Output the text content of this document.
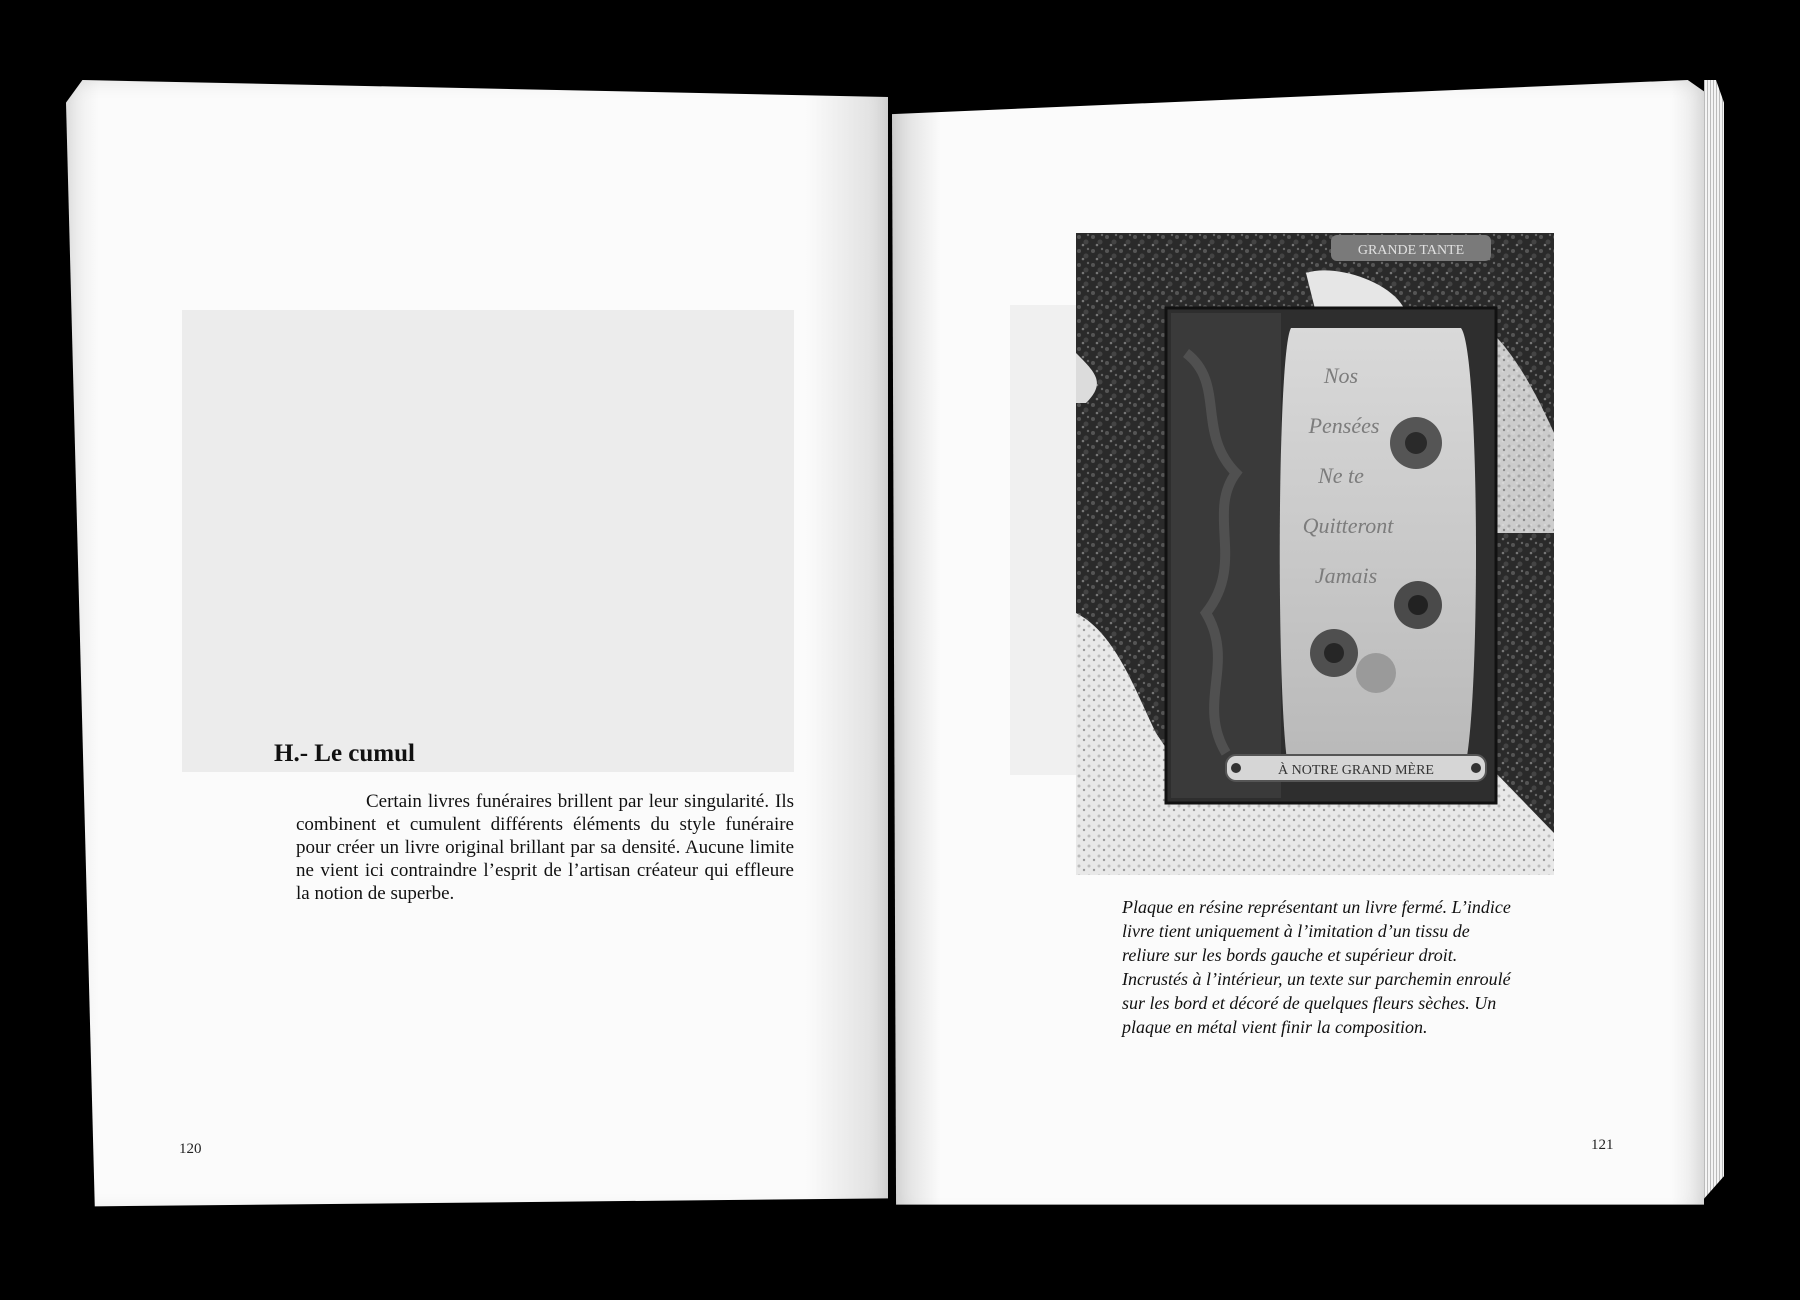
H.- Le cumul

Certain livres funéraires brillent par leur singularité. Ils combinent et cumulent différents éléments du style funéraire pour créer un livre original brillant par sa densité. Aucune limite ne vient ici contraindre l’esprit de l’artisan créateur qui effleure la notion de superbe.

120
GRANDE TANTE
Nos
Pensées
Ne te
Quitteront
Jamais
À NOTRE GRAND MÈRE

Plaque en résine représentant un livre fermé. L’indice livre tient uniquement à l’imitation d’un tissu de reliure sur les bords gauche et supérieur droit. Incrustés à l’intérieur, un texte sur parchemin enroulé sur les bord et décoré de quelques fleurs sèches. Un plaque en métal vient finir la composition.

121
